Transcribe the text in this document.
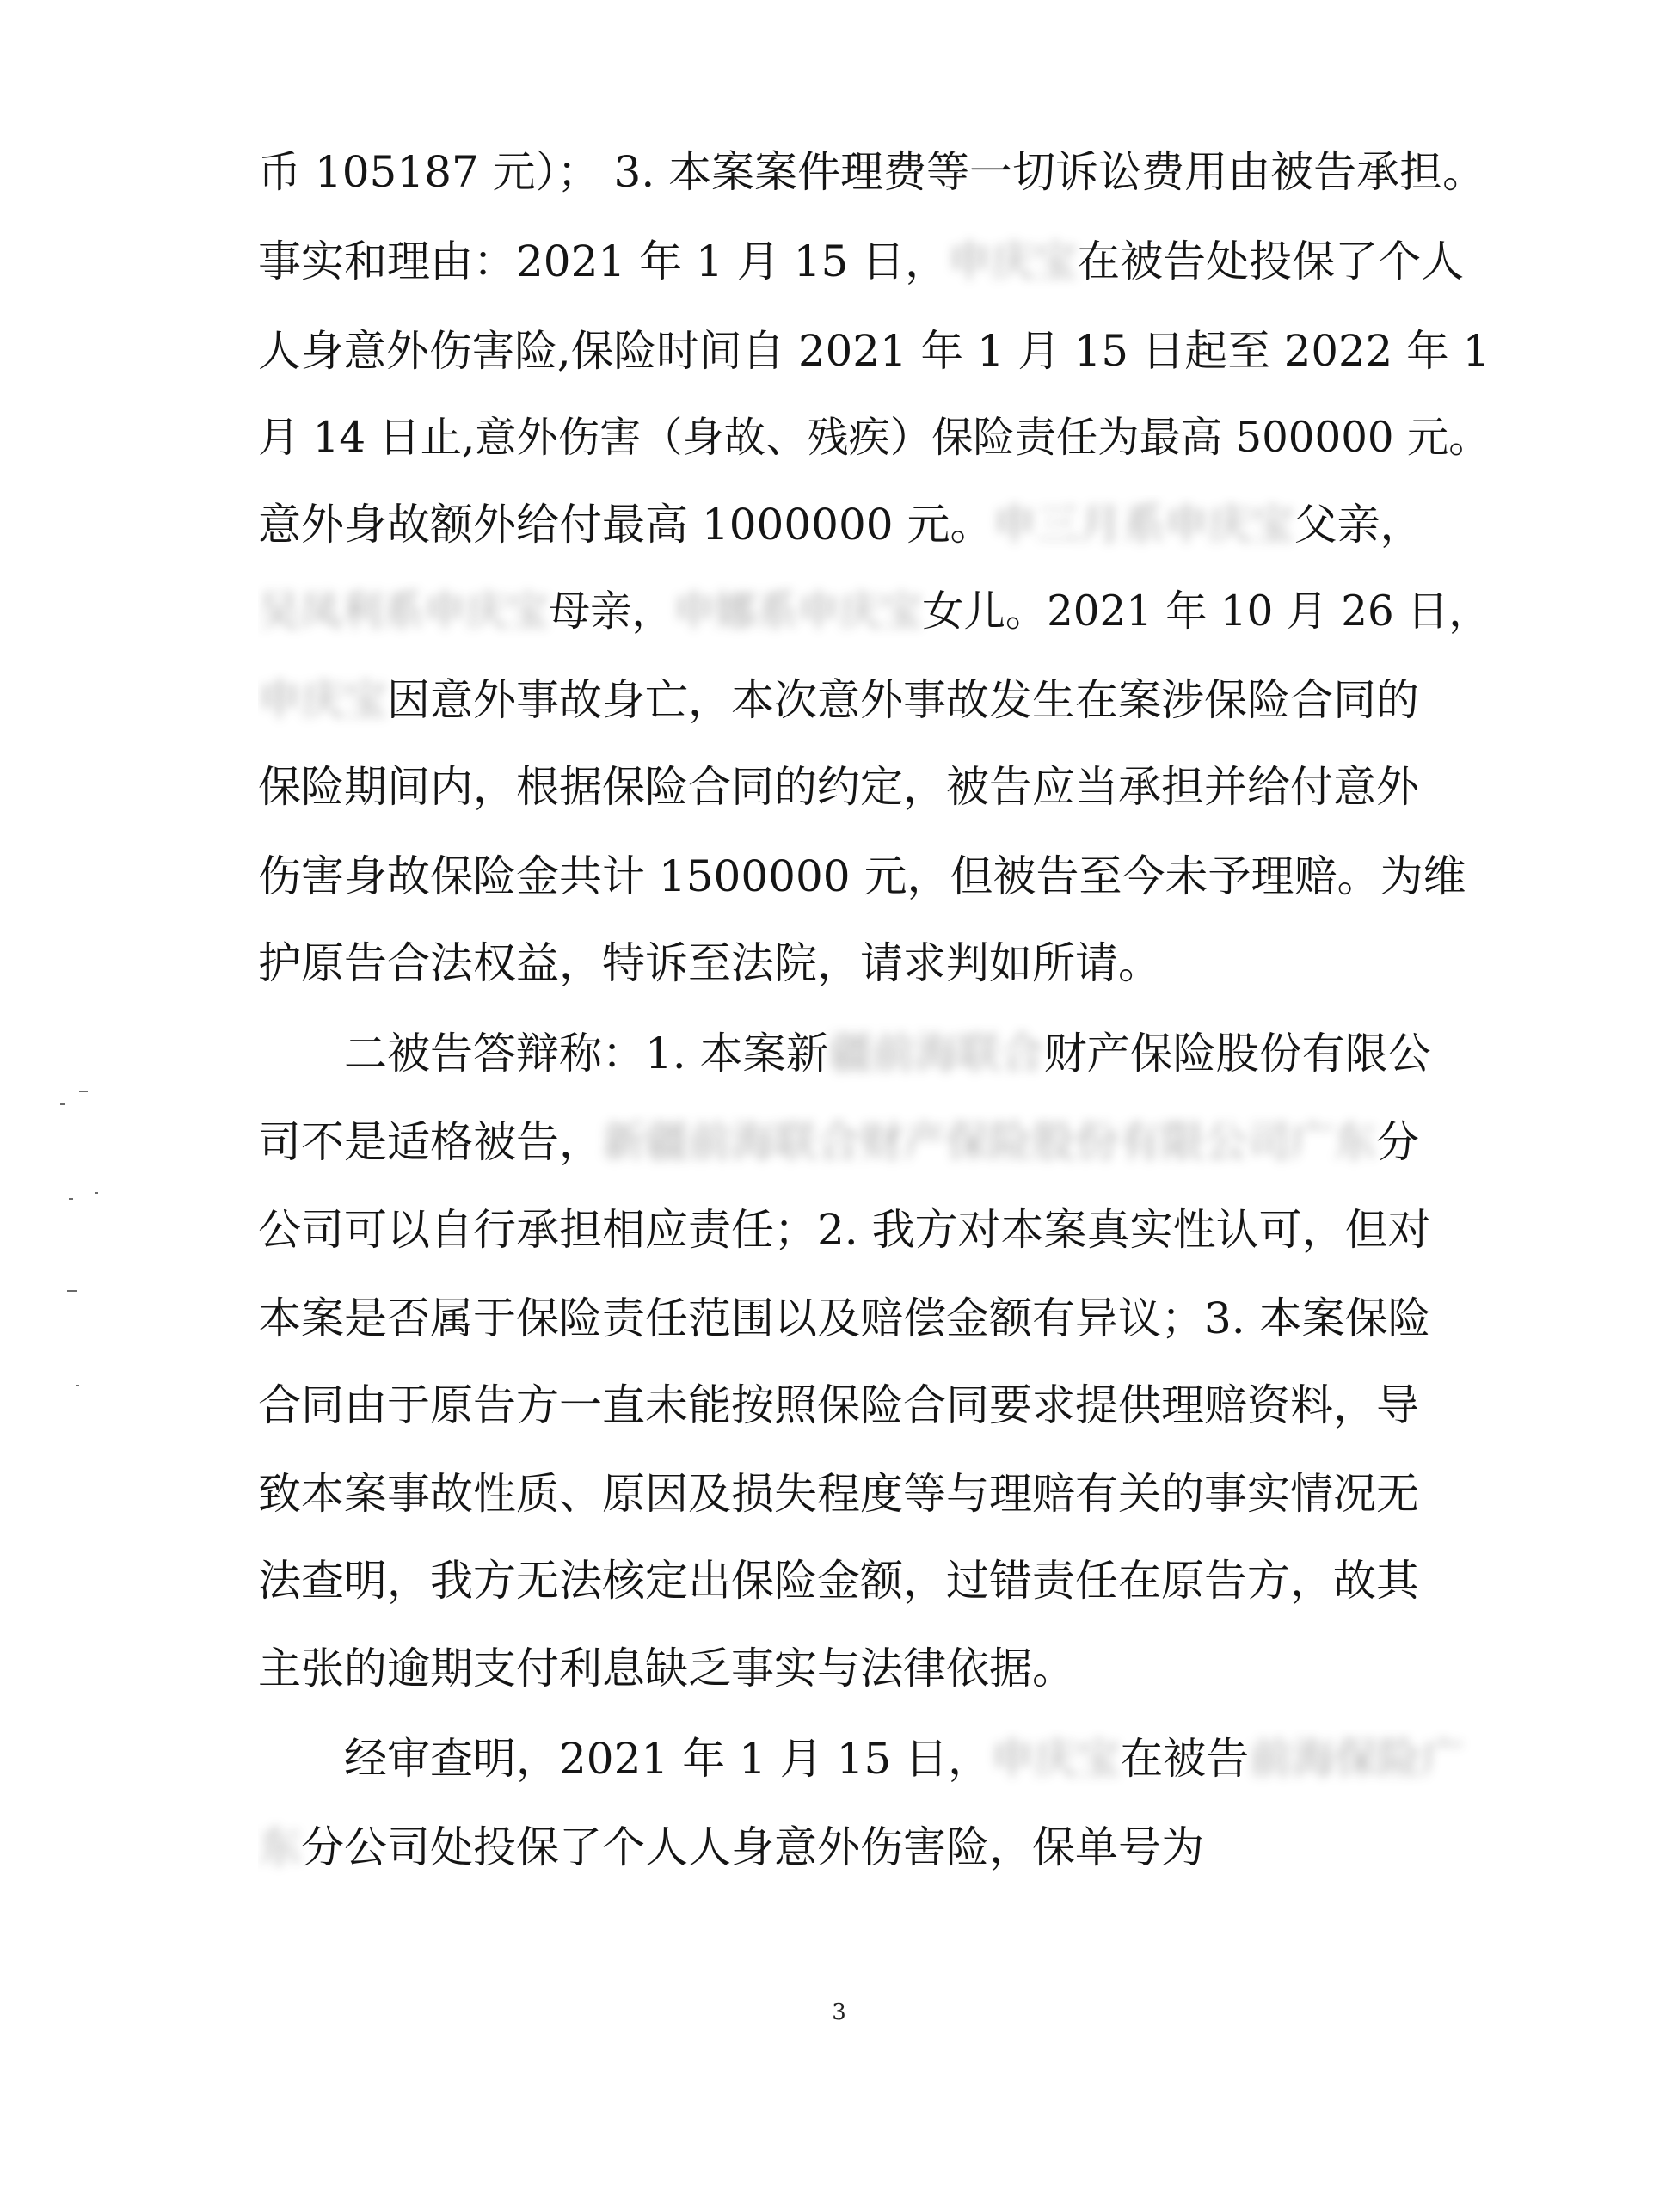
币 105187 元）； 3. 本案案件理费等一切诉讼费用由被告承担。
事实和理由：2021 年 1 月 15 日，申庆宝在被告处投保了个人
人身意外伤害险,保险时间自 2021 年 1 月 15 日起至 2022 年 1
月 14 日止,意外伤害（身故、残疾）保险责任为最高 500000 元。
意外身故额外给付最高 1000000 元。申三月系申庆宝父亲，
吴凤利系申庆宝母亲，申娜系申庆宝女儿。2021 年 10 月 26 日，
申庆宝因意外事故身亡，本次意外事故发生在案涉保险合同的
保险期间内，根据保险合同的约定，被告应当承担并给付意外
伤害身故保险金共计 1500000 元，但被告至今未予理赔。为维
护原告合法权益，特诉至法院，请求判如所请。
二被告答辩称：1. 本案新疆前海联合财产保险股份有限公
司不是适格被告，新疆前海联合财产保险股份有限公司广东分
公司可以自行承担相应责任；2. 我方对本案真实性认可，但对
本案是否属于保险责任范围以及赔偿金额有异议；3. 本案保险
合同由于原告方一直未能按照保险合同要求提供理赔资料，导
致本案事故性质、原因及损失程度等与理赔有关的事实情况无
法查明，我方无法核定出保险金额，过错责任在原告方，故其
主张的逾期支付利息缺乏事实与法律依据。
经审查明，2021 年 1 月 15 日，申庆宝在被告前海保险广
东分公司处投保了个人人身意外伤害险，保单号为
3
